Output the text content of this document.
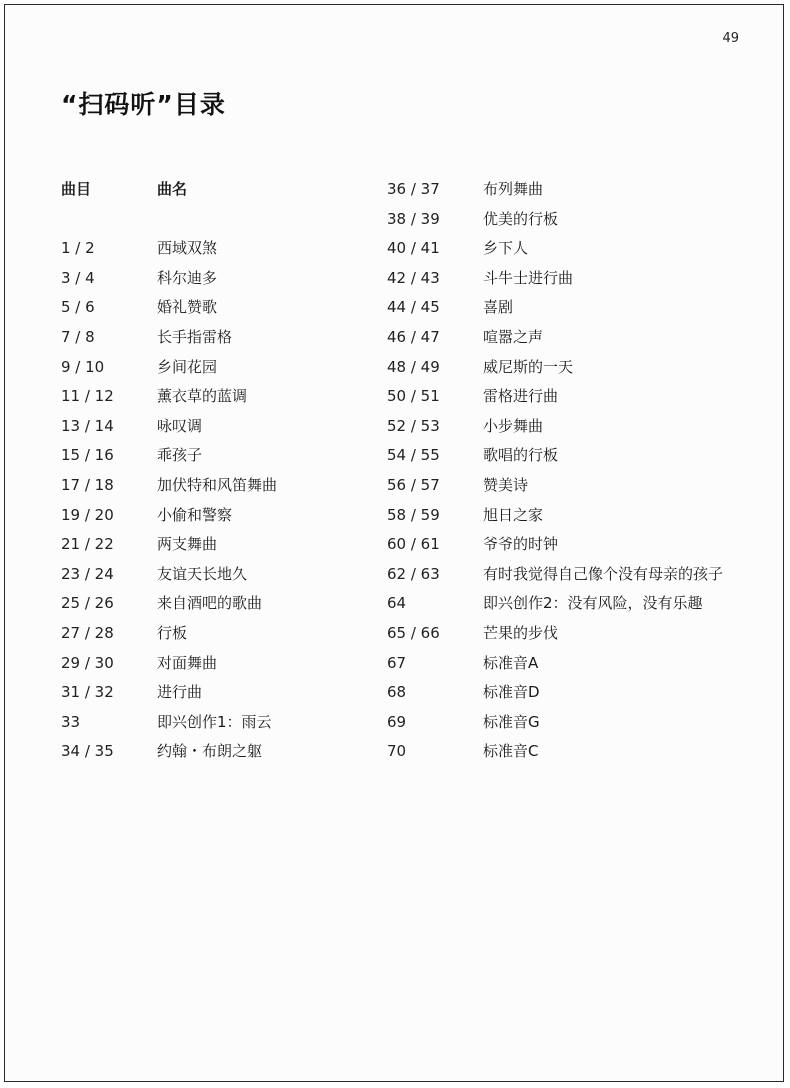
49
“扫码听”目录
曲目	曲名
1 / 2	西域双煞
3 / 4	科尔迪多
5 / 6	婚礼赞歌
7 / 8	长手指雷格
9 / 10	乡间花园
11 / 12	薰衣草的蓝调
13 / 14	咏叹调
15 / 16	乖孩子
17 / 18	加伏特和风笛舞曲
19 / 20	小偷和警察
21 / 22	两支舞曲
23 / 24	友谊天长地久
25 / 26	来自酒吧的歌曲
27 / 28	行板
29 / 30	对面舞曲
31 / 32	进行曲
33	即兴创作1：雨云
34 / 35	约翰・布朗之躯
36 / 37	布列舞曲
38 / 39	优美的行板
40 / 41	乡下人
42 / 43	斗牛士进行曲
44 / 45	喜剧
46 / 47	喧嚣之声
48 / 49	威尼斯的一天
50 / 51	雷格进行曲
52 / 53	小步舞曲
54 / 55	歌唱的行板
56 / 57	赞美诗
58 / 59	旭日之家
60 / 61	爷爷的时钟
62 / 63	有时我觉得自己像个没有母亲的孩子
64	即兴创作2：没有风险，没有乐趣
65 / 66	芒果的步伐
67	标准音A
68	标准音D
69	标准音G
70	标准音C
